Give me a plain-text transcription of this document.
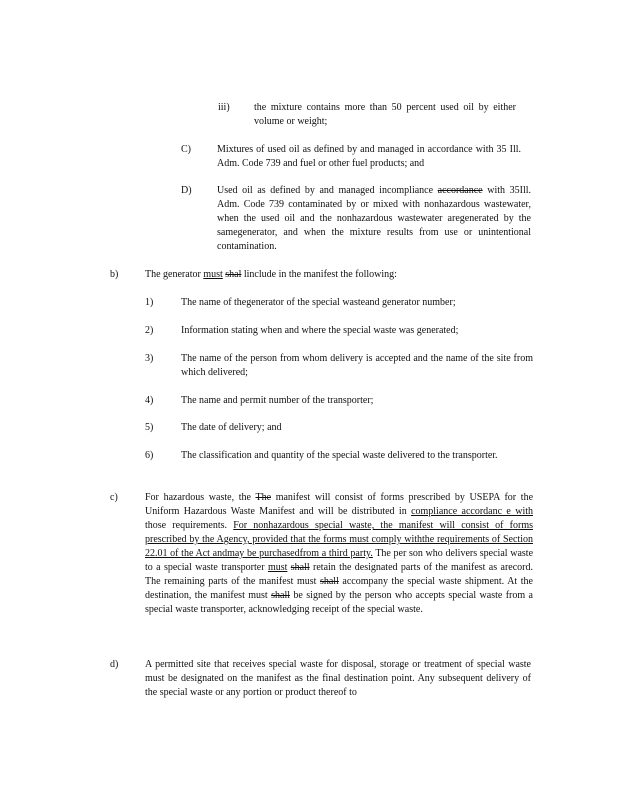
iii) the mixture contains more than 50 percent used oil by either volume or weight;
C)	Mixtures of used oil as defined by and managed in accordance with 35 Ill. Adm. Code 739 and fuel or other fuel products; and
D)	Used oil as defined by and managed incompliance accordance with 35Ill. Adm. Code 739 contaminated by or mixed with nonhazardous wastewater, when the used oil and the nonhazardous wastewater aregenerated by the samegenerator, and when the mixture results from use or unintentional contamination.
b)	The generator must shal linclude in the manifest the following:
1)	The name of thegenerator of the special wasteand generator number;
2)	Information stating when and where the special waste was generated;
3)	The name of the person from whom delivery is accepted and the name of the site from which delivered;
4)	The name and permit number of the transporter;
5)	The date of delivery; and
6)	The classification and quantity of the special waste delivered to the transporter.
c)	For hazardous waste, the The manifest will consist of forms prescribed by USEPA for the Uniform Hazardous Waste Manifest and will be distributed in compliance accordanc e with those requirements. For nonhazardous special waste, the manifest will consist of forms prescribed by the Agency, provided that the forms must comply withthe requirements of Section 22.01 of the Act andmay be purchasedfrom a third party. The per son who delivers special waste to a special waste transporter must shall retain the designated parts of the manifest as arecord. The remaining parts of the manifest must shall accompany the special waste shipment. At the destination, the manifest must shall be signed by the person who accepts special waste from a special waste transporter, acknowledging receipt of the special waste.
d)	A permitted site that receives special waste for disposal, storage or treatment of special waste must be designated on the manifest as the final destination point. Any subsequent delivery of the special waste or any portion or product thereof to
